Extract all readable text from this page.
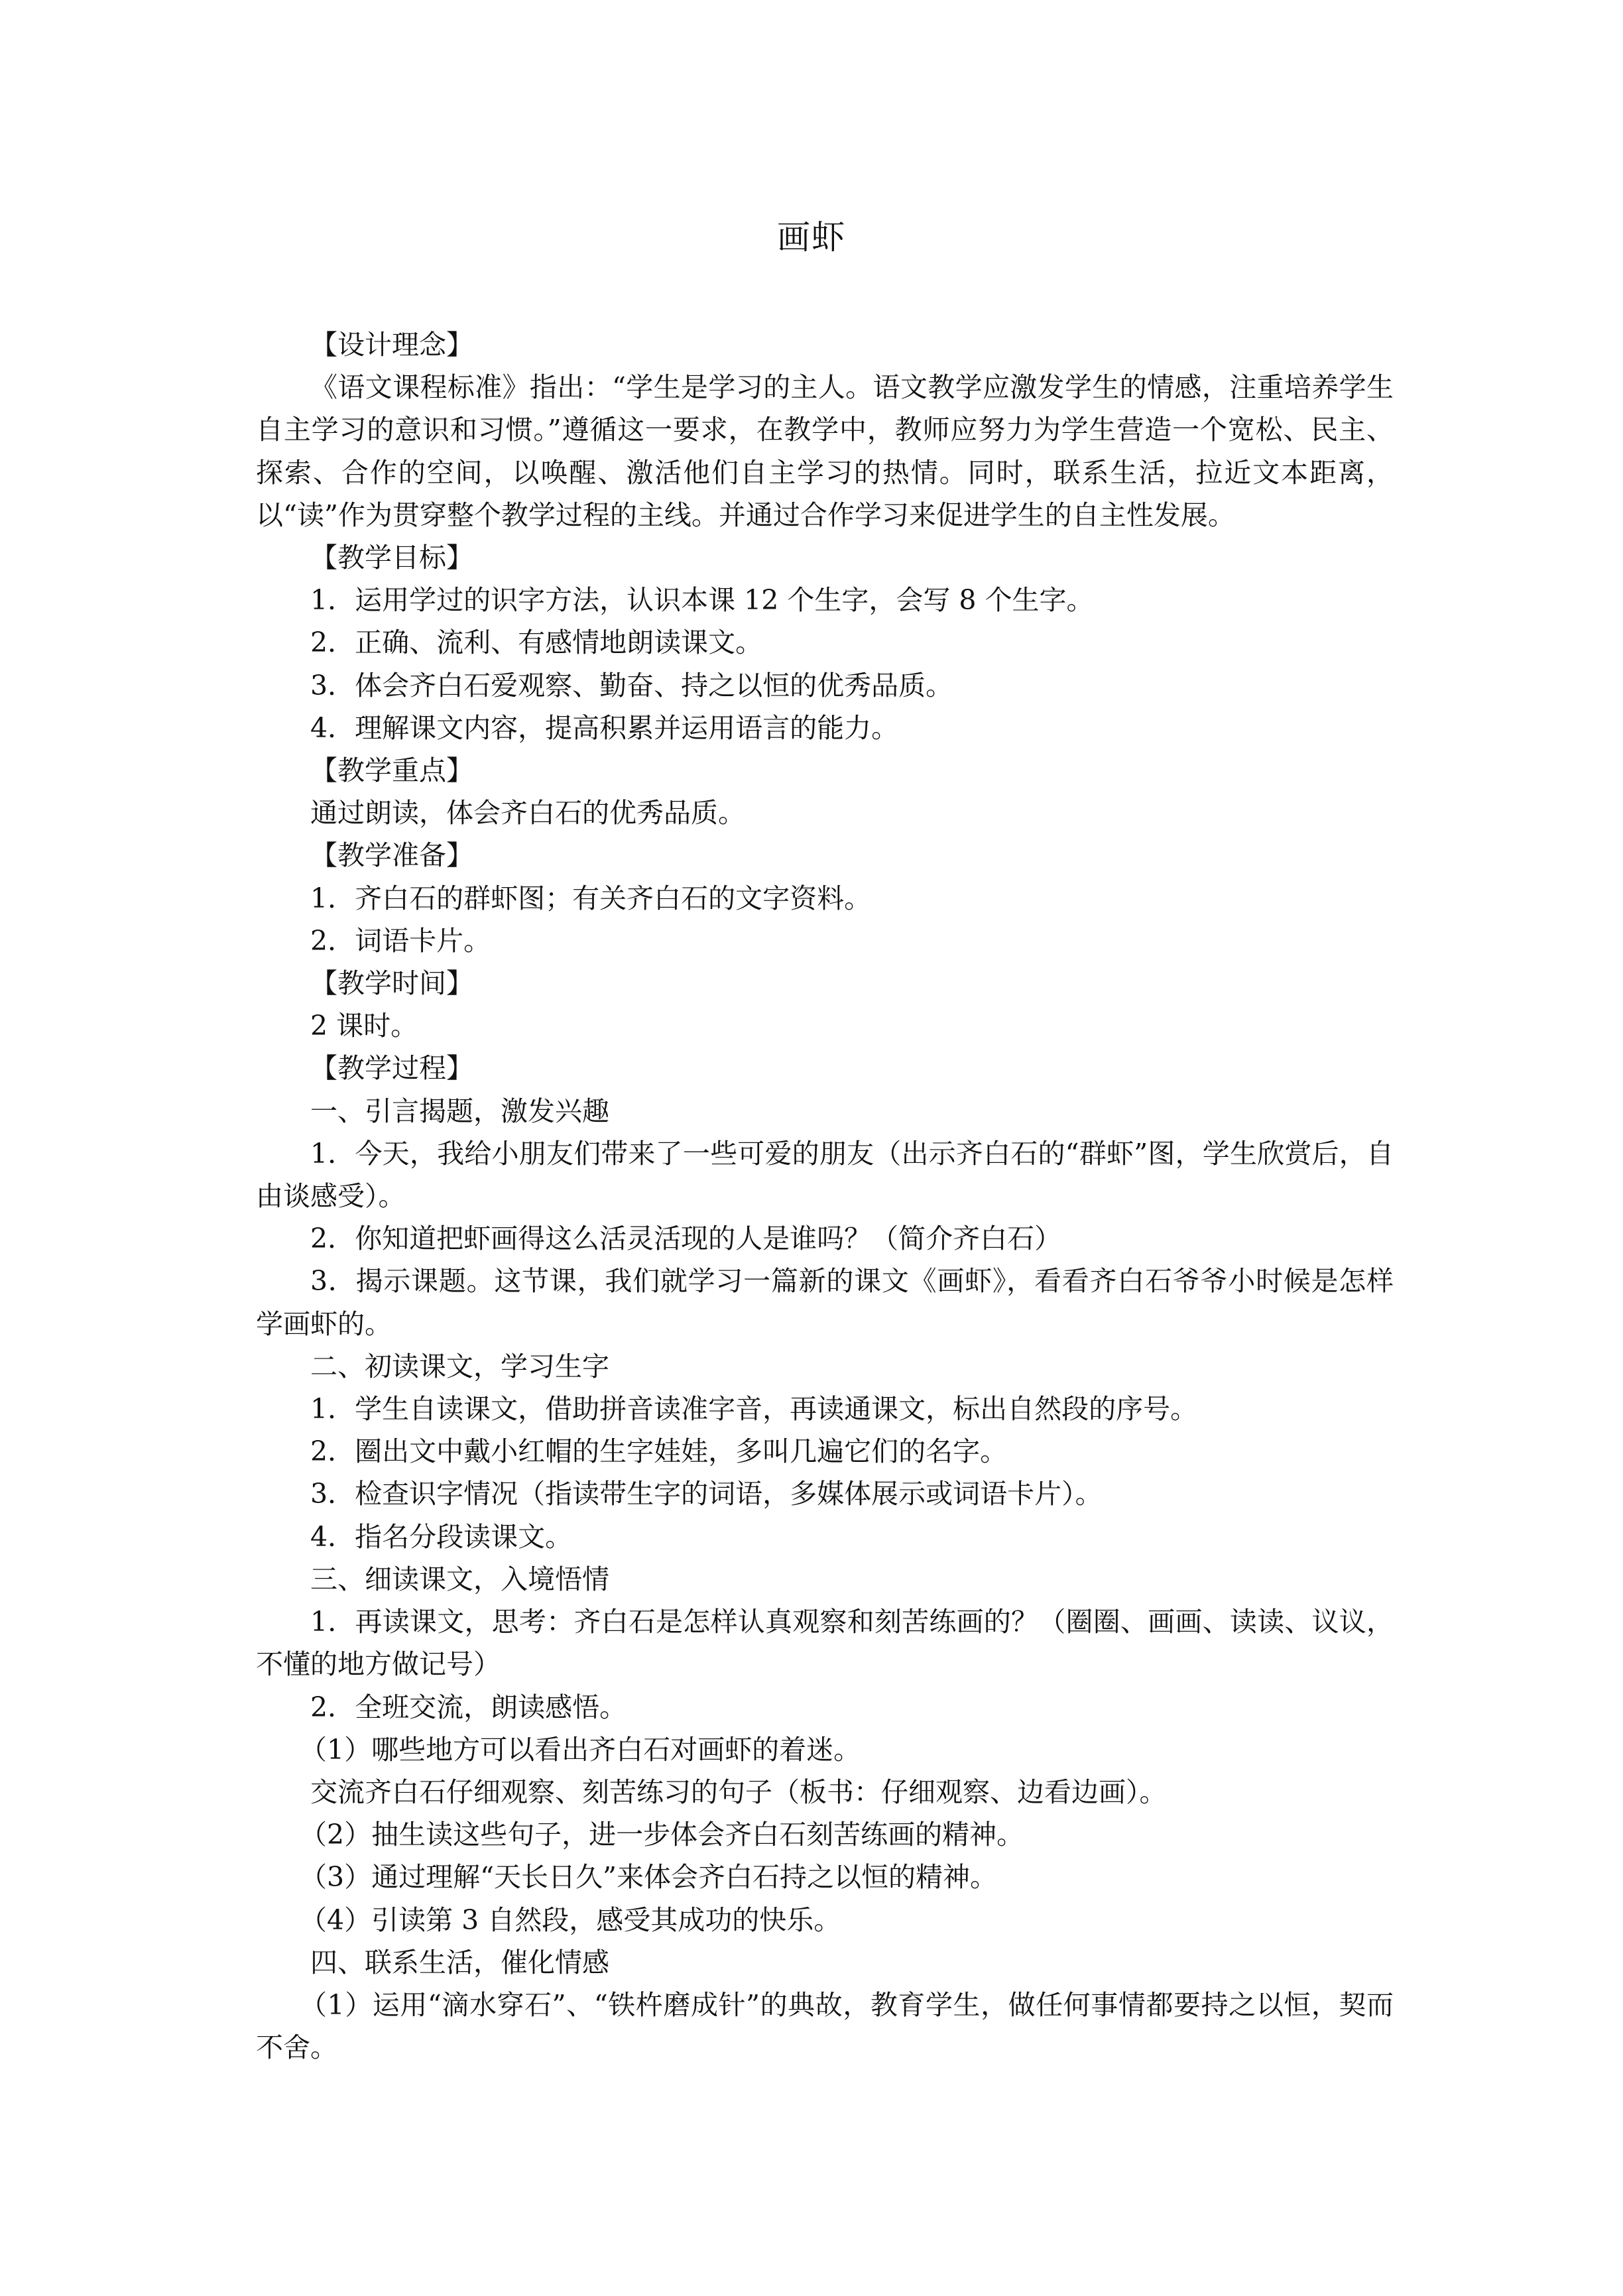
画虾

【设计理念】

《语文课程标准》指出：“学生是学习的主人。语文教学应激发学生的情感，注重培养学生自主学习的意识和习惯。”遵循这一要求，在教学中，教师应努力为学生营造一个宽松、民主、探索、合作的空间，以唤醒、激活他们自主学习的热情。同时，联系生活，拉近文本距离，以“读”作为贯穿整个教学过程的主线。并通过合作学习来促进学生的自主性发展。

【教学目标】

1．运用学过的识字方法，认识本课 12 个生字，会写 8 个生字。

2．正确、流利、有感情地朗读课文。

3．体会齐白石爱观察、勤奋、持之以恒的优秀品质。

4．理解课文内容，提高积累并运用语言的能力。

【教学重点】

通过朗读，体会齐白石的优秀品质。

【教学准备】

1．齐白石的群虾图；有关齐白石的文字资料。

2．词语卡片。

【教学时间】

2 课时。

【教学过程】

一、引言揭题，激发兴趣

1．今天，我给小朋友们带来了一些可爱的朋友（出示齐白石的“群虾”图，学生欣赏后，自由谈感受）。

2．你知道把虾画得这么活灵活现的人是谁吗？（简介齐白石）

3．揭示课题。这节课，我们就学习一篇新的课文《画虾》，看看齐白石爷爷小时候是怎样学画虾的。

二、初读课文，学习生字

1．学生自读课文，借助拼音读准字音，再读通课文，标出自然段的序号。

2．圈出文中戴小红帽的生字娃娃，多叫几遍它们的名字。

3．检查识字情况（指读带生字的词语，多媒体展示或词语卡片）。

4．指名分段读课文。

三、细读课文，入境悟情

1．再读课文，思考：齐白石是怎样认真观察和刻苦练画的？（圈圈、画画、读读、议议，不懂的地方做记号）

2．全班交流，朗读感悟。

（1）哪些地方可以看出齐白石对画虾的着迷。

交流齐白石仔细观察、刻苦练习的句子（板书：仔细观察、边看边画）。

（2）抽生读这些句子，进一步体会齐白石刻苦练画的精神。

（3）通过理解“天长日久”来体会齐白石持之以恒的精神。

（4）引读第 3 自然段，感受其成功的快乐。

四、联系生活，催化情感

（1）运用“滴水穿石”、“铁杵磨成针”的典故，教育学生，做任何事情都要持之以恒，契而不舍。
